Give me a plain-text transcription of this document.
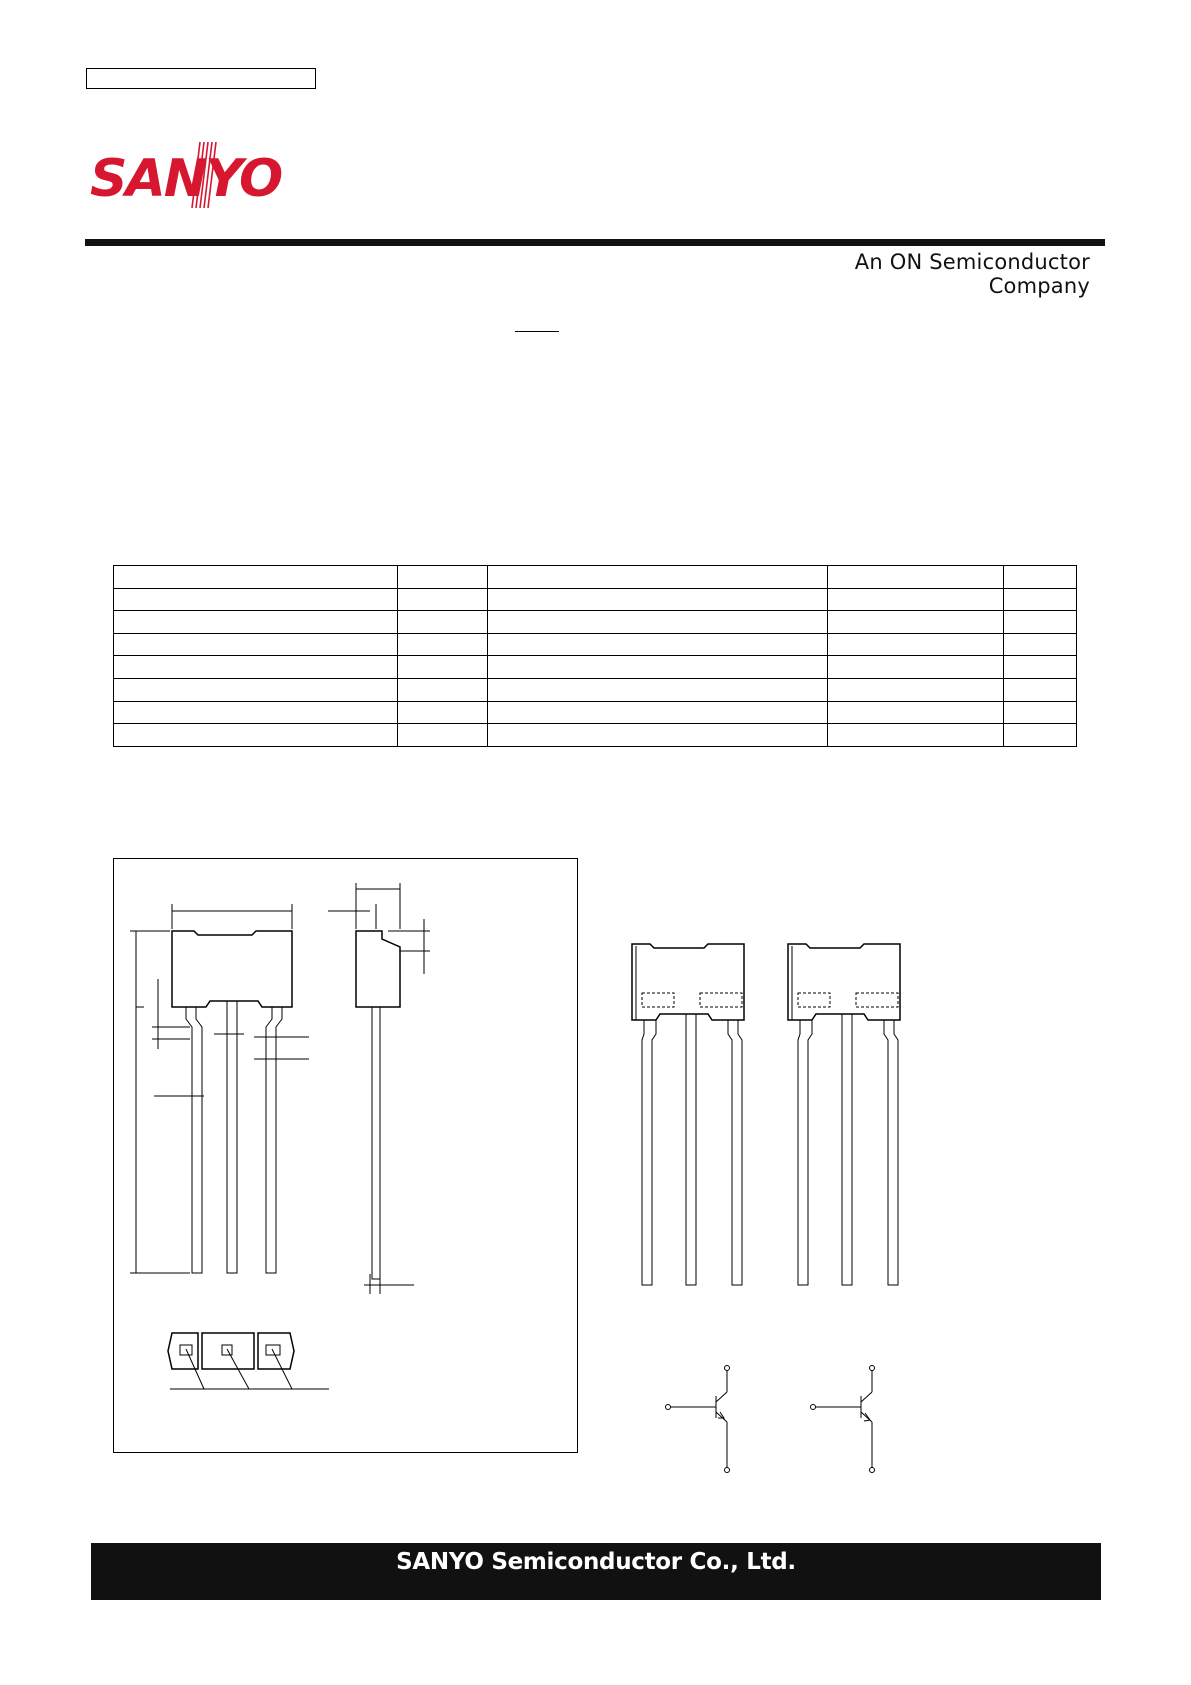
SANYO
An ON Semiconductor Company

SANYO Semiconductor Co., Ltd.
